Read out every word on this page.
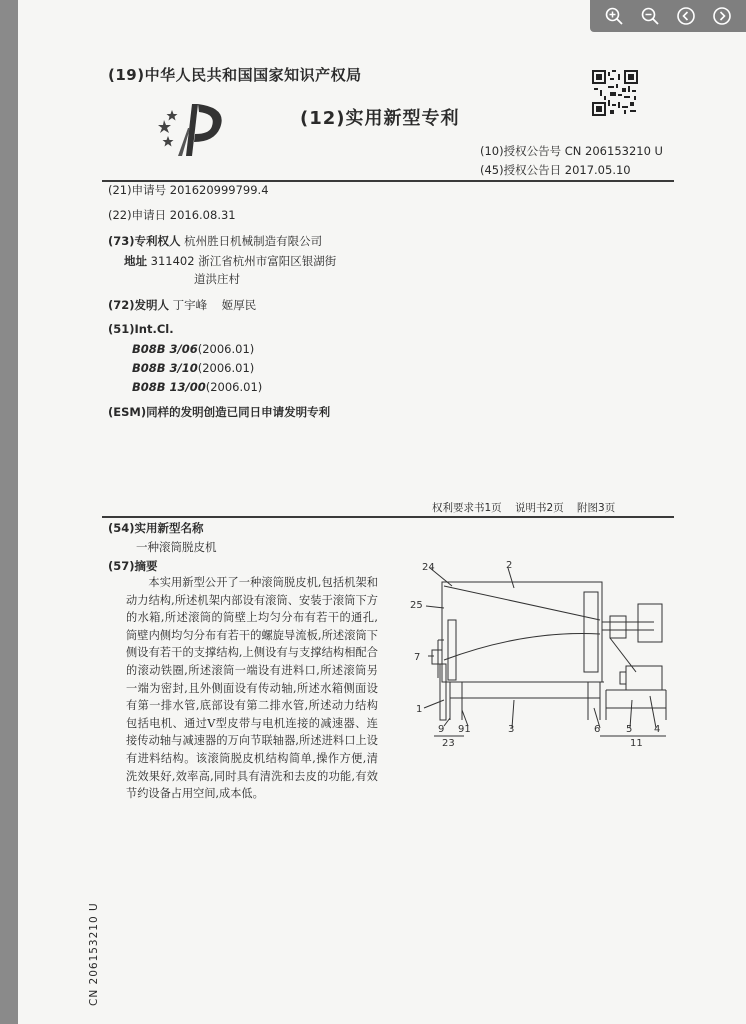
(19)中华人民共和国国家知识产权局
(12)实用新型专利
(10)授权公告号 CN 206153210 U
(45)授权公告日 2017.05.10
(21)申请号 201620999799.4
(22)申请日 2016.08.31
(73)专利权人 杭州胜日机械制造有限公司
地址 311402 浙江省杭州市富阳区银湖街
道洪庄村
(72)发明人 丁宇峰    姬厚民
(51)Int.Cl.
B08B 3/06(2006.01)
B08B 3/10(2006.01)
B08B 13/00(2006.01)
(ESM)同样的发明创造已同日申请发明专利
权利要求书1页    说明书2页    附图3页
(54)实用新型名称
一种滚筒脱皮机
(57)摘要
本实用新型公开了一种滚筒脱皮机,包括机架和动力结构,所述机架内部设有滚筒、安装于滚筒下方的水箱,所述滚筒的筒壁上均匀分布有若干的通孔,筒壁内侧均匀分布有若干的螺旋导流板,所述滚筒下侧设有若干的支撑结构,上侧设有与支撑结构相配合的滚动铁圈,所述滚筒一端设有进料口,所述滚筒另一端为密封,且外侧面设有传动轴,所述水箱侧面设有第一排水管,底部设有第二排水管,所述动力结构包括电机、通过V型皮带与电机连接的减速器、连接传动轴与减速器的万向节联轴器,所述进料口上设有进料结构。该滚筒脱皮机结构简单,操作方便,清洗效果好,效率高,同时具有清洗和去皮的功能,有效节约设备占用空间,成本低。
24	2
25
7
1
9 91	3	6	5 4
23	11
CN 206153210 U
